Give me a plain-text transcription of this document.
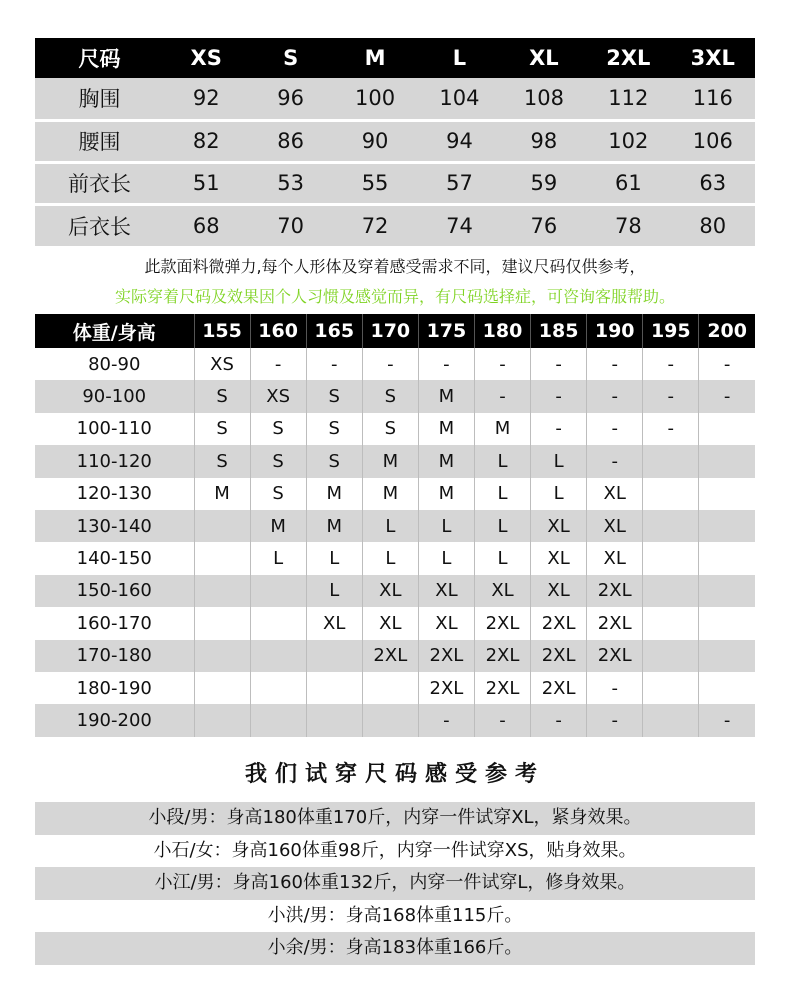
尺码	XS	S	M	L	XL	2XL	3XL
胸围	92	96	100	104	108	112	116
腰围	82	86	90	94	98	102	106
前衣长	51	53	55	57	59	61	63
后衣长	68	70	72	74	76	78	80
此款面料微弹力,每个人形体及穿着感受需求不同，建议尺码仅供参考，
实际穿着尺码及效果因个人习惯及感觉而异，有尺码选择症，可咨询客服帮助。
体重/身高	155	160	165	170	175	180	185	190	195	200
80-90	XS	-	-	-	-	-	-	-	-	-
90-100	S	XS	S	S	M	-	-	-	-	-
100-110	S	S	S	S	M	M	-	-	-	
110-120	S	S	S	M	M	L	L	-		
120-130	M	S	M	M	M	L	L	XL		
130-140		M	M	L	L	L	XL	XL		
140-150		L	L	L	L	L	XL	XL		
150-160			L	XL	XL	XL	XL	2XL		
160-170			XL	XL	XL	2XL	2XL	2XL		
170-180				2XL	2XL	2XL	2XL	2XL		
180-190					2XL	2XL	2XL	-		
190-200					-	-	-	-		-
我们试穿尺码感受参考
小段/男：身高180体重170斤，内穿一件试穿XL，紧身效果。
小石/女：身高160体重98斤，内穿一件试穿XS，贴身效果。
小江/男：身高160体重132斤，内穿一件试穿L，修身效果。
小洪/男：身高168体重115斤。
小余/男：身高183体重166斤。
